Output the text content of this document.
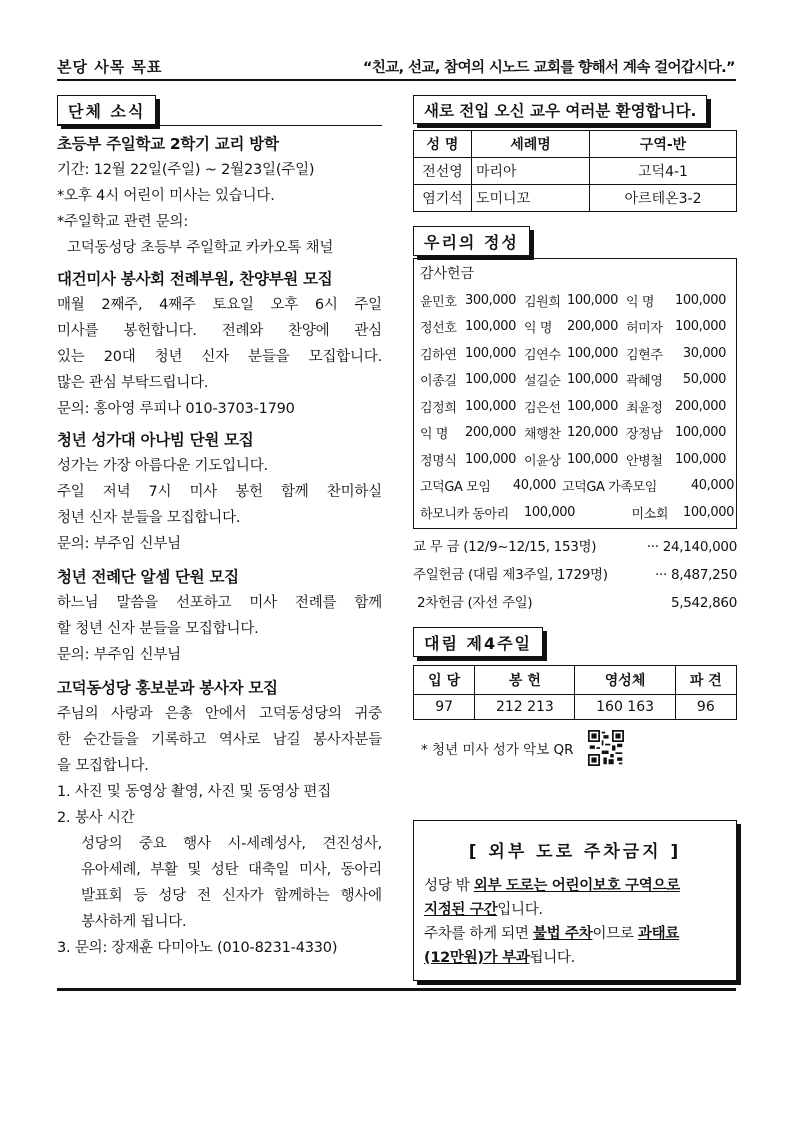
본당 사목 목표	“친교, 선교, 참여의 시노드 교회를 향해서 계속 걸어갑시다.”
단체 소식
초등부 주일학교 2학기 교리 방학
기간: 12월 22일(주일) ~ 2월23일(주일)
*오후 4시 어린이 미사는 있습니다.
*주일학교 관련 문의:
고덕동성당 초등부 주일학교 카카오톡 채널
대건미사 봉사회 전례부원, 찬양부원 모집
매월 2째주, 4째주 토요일 오후 6시 주일
미사를 봉헌합니다. 전례와 찬양에 관심
있는 20대 청년 신자 분들을 모집합니다.
많은 관심 부탁드립니다.
문의: 홍아영 루피나 010-3703-1790
청년 성가대 아나빔 단원 모집
성가는 가장 아름다운 기도입니다.
주일 저녁 7시 미사 봉헌 함께 찬미하실
청년 신자 분들을 모집합니다.
문의: 부주임 신부님
청년 전례단 알셈 단원 모집
하느님 말씀을 선포하고 미사 전례를 함께
할 청년 신자 분들을 모집합니다.
문의: 부주임 신부님
고덕동성당 홍보분과 봉사자 모집
주님의 사랑과 은총 안에서 고덕동성당의 귀중
한 순간들을 기록하고 역사로 남길 봉사자분들
을 모집합니다.
1. 사진 및 동영상 촬영, 사진 및 동영상 편집
2. 봉사 시간
성당의 중요 행사 시-세례성사, 견진성사,
유아세례, 부활 및 성탄 대축일 미사, 동아리
발표회 등 성당 전 신자가 함께하는 행사에
봉사하게 됩니다.
3. 문의: 장재훈 다미아노 (010-8231-4330)
새로 전입 오신 교우 여러분 환영합니다.
성 명	세례명	구역-반
전선영	마리아	고덕4-1
염기석	도미니꼬	아르테온3-2
우리의 정성
감사헌금
윤민호 300,000 김원희 100,000 익 명	100,000
정선호 100,000 익 명	200,000 허미자 100,000
김하연 100,000 김연수 100,000 김현주	30,000
이종길 100,000 설길순 100,000 곽혜영	50,000
김정희 100,000 김은선 100,000 최윤정 200,000
익 명	200,000 채행찬 120,000 장정남 100,000
정명식 100,000 이윤상 100,000 안병철 100,000
고덕GA 모임	40,000 고덕GA 가족모임	40,000
하모니카 동아리	100,000	미소회	100,000
교 무 금 (12/9~12/15, 153명)	··· 24,140,000
주일헌금 (대림 제3주일, 1729명)	··· 8,487,250
2차헌금 (자선 주일)	5,542,860
대림 제4주일
입 당	봉 헌	영성체	파 견
97	212 213	160 163	96
* 청년 미사 성가 악보 QR
[ 외부 도로 주차금지 ]
성당 밖 외부 도로는 어린이보호 구역으로
지정된 구간입니다.
주차를 하게 되면 불법 주차이므로 과태료
(12만원)가 부과됩니다.
